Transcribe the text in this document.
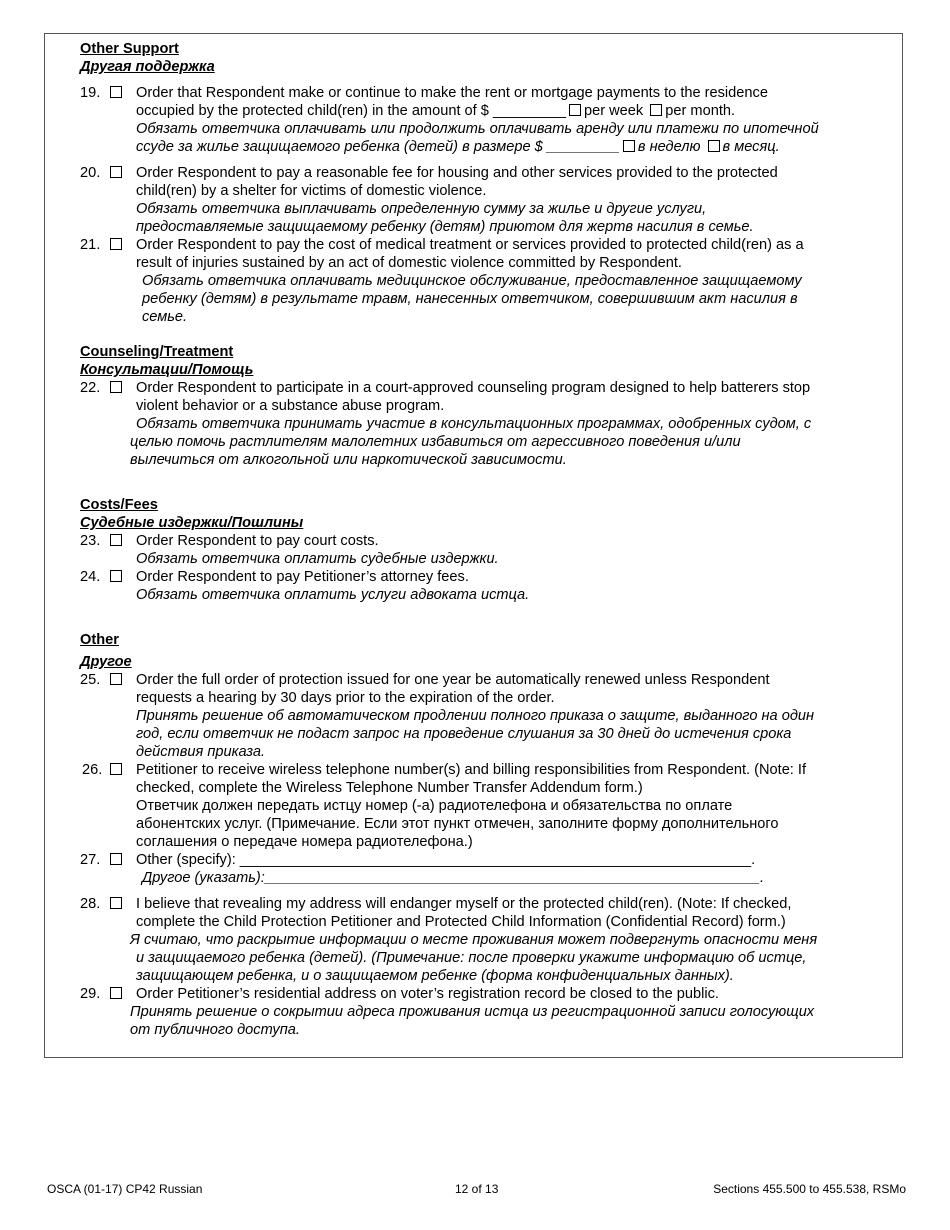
Other Support
Другая поддержка
19.	Order that Respondent make or continue to make the rent or mortgage payments to the residence
occupied by the protected child(ren) in the amount of $ _________ per week per month.
Обязать ответчика оплачивать или продолжить оплачивать аренду или платежи по ипотечной
ссуде за жилье защищаемого ребенка (детей) в размере $ _________ в неделю в месяц.
20.	Order Respondent to pay a reasonable fee for housing and other services provided to the protected
child(ren) by a shelter for victims of domestic violence.
Обязать ответчика выплачивать определенную сумму за жилье и другие услуги,
предоставляемые защищаемому ребенку (детям) приютом для жертв насилия в семье.
21.	Order Respondent to pay the cost of medical treatment or services provided to protected child(ren) as a
result of injuries sustained by an act of domestic violence committed by Respondent.
Обязать ответчика оплачивать медицинское обслуживание, предоставленное защищаемому
ребенку (детям) в результате травм, нанесенных ответчиком, совершившим акт насилия в
семье.
Counseling/Treatment
Консультации/Помощь
22.	Order Respondent to participate in a court-approved counseling program designed to help batterers stop
violent behavior or a substance abuse program.
Обязать ответчика принимать участие в консультационных программах, одобренных судом, с
целью помочь растлителям малолетних избавиться от агрессивного поведения и/или
вылечиться от алкогольной или наркотической зависимости.
Costs/Fees
Судебные издержки/Пошлины
23.	Order Respondent to pay court costs.
Обязать ответчика оплатить судебные издержки.
24.	Order Respondent to pay Petitioner’s attorney fees.
Обязать ответчика оплатить услуги адвоката истца.
Other
Другое
25.	Order the full order of protection issued for one year be automatically renewed unless Respondent
requests a hearing by 30 days prior to the expiration of the order.
Принять решение об автоматическом продлении полного приказа о защите, выданного на один
год, если ответчик не подаст запрос на проведение слушания за 30 дней до истечения срока
действия приказа.
26.	Petitioner to receive wireless telephone number(s) and billing responsibilities from Respondent. (Note: If
checked, complete the Wireless Telephone Number Transfer Addendum form.)
Ответчик должен передать истцу номер (-а) радиотелефона и обязательства по оплате
абонентских услуг. (Примечание. Если этот пункт отмечен, заполните форму дополнительного
соглашения о передаче номера радиотелефона.)
27.	Other (specify): _______________________________________________________________.
Другое (указать):_____________________________________________________________.
28.	I believe that revealing my address will endanger myself or the protected child(ren). (Note: If checked,
complete the Child Protection Petitioner and Protected Child Information (Confidential Record) form.)
Я считаю, что раскрытие информации о месте проживания может подвергнуть опасности меня
и защищаемого ребенка (детей). (Примечание: после проверки укажите информацию об истце,
защищающем ребенка, и о защищаемом ребенке (форма конфиденциальных данных).
29.	Order Petitioner’s residential address on voter’s registration record be closed to the public.
Принять решение о сокрытии адреса проживания истца из регистрационной записи голосующих
от публичного доступа.
OSCA (01-17) CP42 Russian	12 of 13	Sections 455.500 to 455.538, RSMo
